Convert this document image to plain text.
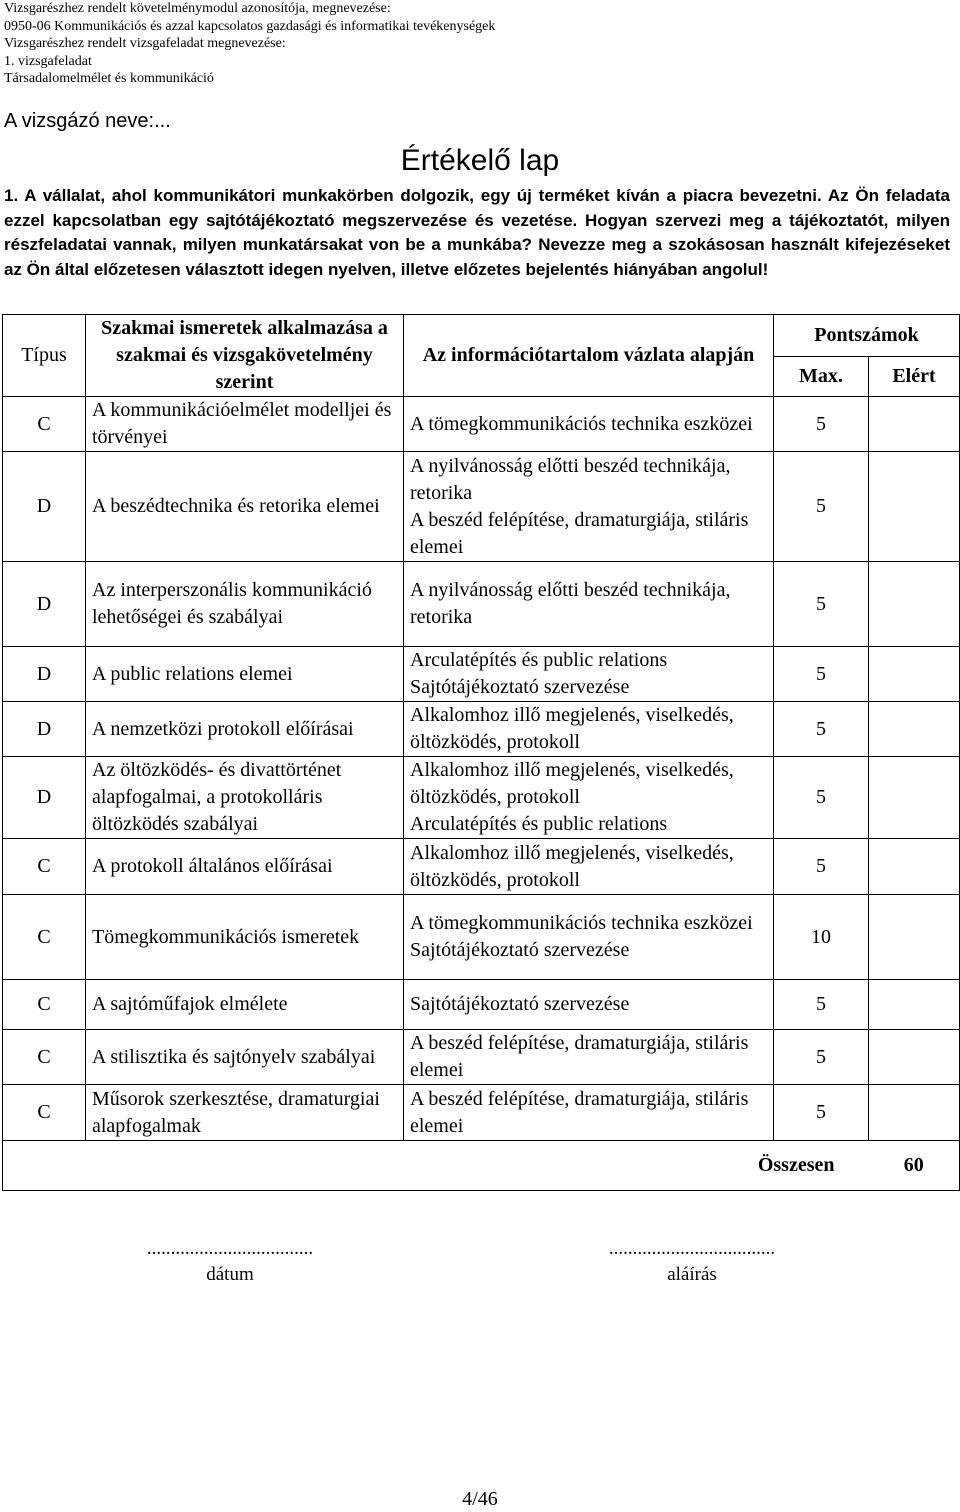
Vizsgarészhez rendelt követelménymodul azonosítója, megnevezése:
0950-06 Kommunikációs és azzal kapcsolatos gazdasági és informatikai tevékenységek
Vizsgarészhez rendelt vizsgafeladat megnevezése:
1. vizsgafeladat
Társadalomelmélet és kommunikáció
A vizsgázó neve:...
Értékelő lap
1. A vállalat, ahol kommunikátori munkakörben dolgozik, egy új terméket kíván a piacra bevezetni. Az Ön feladata ezzel kapcsolatban egy sajtótájékoztató megszervezése és vezetése. Hogyan szervezi meg a tájékoztatót, milyen részfeladatai vannak, milyen munkatársakat von be a munkába? Nevezze meg a szokásosan használt kifejezéseket az Ön által előzetesen választott idegen nyelven, illetve előzetes bejelentés hiányában angolul!
Típus	Szakmai ismeretek alkalmazása a szakmai és vizsgakövetelmény szerint	Az információtartalom vázlata alapján	Pontszámok	
			Max.	Elért
C	A kommunikációelmélet modelljei és törvényei	A tömegkommunikációs technika eszközei	5	
D	A beszédtechnika és retorika elemei	A nyilvánosság előtti beszéd technikája, retorika
A beszéd felépítése, dramaturgiája, stiláris elemei	5	
D	Az interperszonális kommunikáció lehetőségei és szabályai	A nyilvánosság előtti beszéd technikája, retorika	5	
D	A public relations elemei	Arculatépítés és public relations
Sajtótájékoztató szervezése	5	
D	A nemzetközi protokoll előírásai	Alkalomhoz illő megjelenés, viselkedés, öltözködés, protokoll	5	
D	Az öltözködés- és divattörténet alapfogalmai, a protokolláris öltözködés szabályai	Alkalomhoz illő megjelenés, viselkedés, öltözködés, protokoll
Arculatépítés és public relations	5	
C	A protokoll általános előírásai	Alkalomhoz illő megjelenés, viselkedés, öltözködés, protokoll	5	
C	Tömegkommunikációs ismeretek	A tömegkommunikációs technika eszközei
Sajtótájékoztató szervezése	10	
C	A sajtóműfajok elmélete	Sajtótájékoztató szervezése	5	
C	A stilisztika és sajtónyelv szabályai	A beszéd felépítése, dramaturgiája, stiláris elemei	5	
C	Műsorok szerkesztése, dramaturgiai alapfogalmak	A beszéd felépítése, dramaturgiája, stiláris elemei	5	
Összesen				60
...................................
dátum
...................................
aláírás
4/46
